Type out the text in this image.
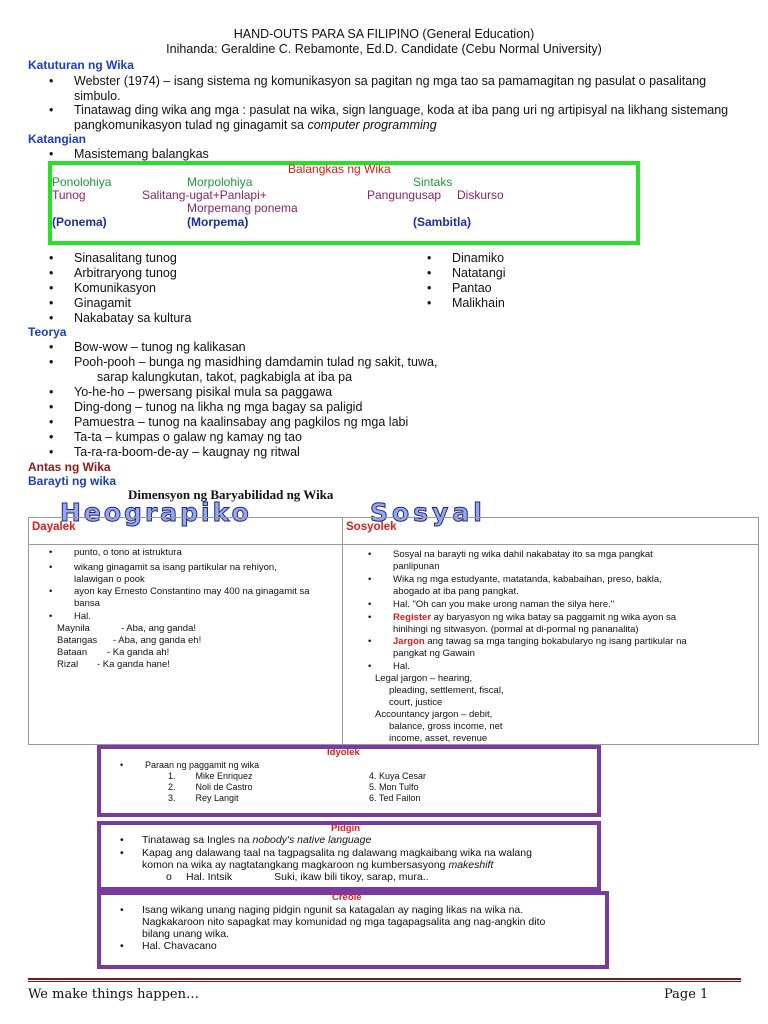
HAND-OUTS PARA SA FILIPINO (General Education)
Inihanda: Geraldine C. Rebamonte, Ed.D. Candidate (Cebu Normal University)
Katuturan ng Wika
• Webster (1974) – isang sistema ng komunikasyon sa pagitan ng mga tao sa pamamagitan ng pasulat o pasalitang
simbulo.
• Tinatawag ding wika ang mga : pasulat na wika, sign language, koda at iba pang uri ng artipisyal na likhang sistemang
pangkomunikasyon tulad ng ginagamit sa computer programming
Katangian
• Masistemang balangkas
Balangkas ng Wika
Ponolohiya	Morpolohiya	Sintaks
Tunog	Salitang-ugat+Panlapi+	Pangungusap Diskurso
Morpemang ponema
(Ponema)	(Morpema)	(Sambitla)
• Sinasalitang tunog
• Arbitraryong tunog
• Komunikasyon
• Ginagamit
• Nakabatay sa kultura
• Dinamiko
• Natatangi
• Pantao
• Malikhain
Teorya
• Bow-wow – tunog ng kalikasan
• Pooh-pooh – bunga ng masidhing damdamin tulad ng sakit, tuwa,
sarap kalungkutan, takot, pagkabigla at iba pa
• Yo-he-ho – pwersang pisikal mula sa paggawa
• Ding-dong – tunog na likha ng mga bagay sa paligid
• Pamuestra – tunog na kaalinsabay ang pagkilos ng mga labi
• Ta-ta – kumpas o galaw ng kamay ng tao
• Ta-ra-ra-boom-de-ay – kaugnay ng ritwal
Antas ng Wika
Barayti ng wika
Heograpiko	Sosyal
Dimensyon ng Baryabilidad ng Wika
Dayalek	Sosyolek
• punto, o tono at istruktura
• wikang ginagamit sa isang partikular na rehiyon,
lalawigan o pook
• ayon kay Ernesto Constantino may 400 na ginagamit sa
bansa
• Hal.
Maynila	- Aba, ang ganda!
Batangas - Aba, ang ganda eh!
Bataan - Ka ganda ah!
Rizal - Ka ganda hane!
• Sosyal na barayti ng wika dahil nakabatay ito sa mga pangkat
panlipunan
• Wika ng mga estudyante, matatanda, kababaihan, preso, bakla,
abogado at iba pang pangkat.
• Hal. "Oh can you make urong naman the silya here."
• Register ay baryasyon ng wika batay sa paggamit ng wika ayon sa
hinihingi ng sitwasyon. (pormal at di-pormal ng pananalita)
• Jargon ang tawag sa mga tanging bokabularyo ng isang partikular na
pangkat ng Gawain
• Hal.
Legal jargon – hearing,
pleading, settlement, fiscal,
court, justice
Accountancy jargon – debit,
balance, gross income, net
income, asset, revenue
Idyolek
• Paraan ng paggamit ng wika
1.        Mike Enriquez
2.        Noli de Castro
3.        Rey Langit
4. Kuya Cesar
5. Mon Tulfo
6. Ted Failon
Pidgin
• Tinatawag sa Ingles na nobody's native language
• Kapag ang dalawang taal na tagpagsalita ng dalawang magkaibang wika na walang
komon na wika ay nagtatangkang magkaroon ng kumbersasyong makeshift
o Hal. Intsik	Suki, ikaw bili tikoy, sarap, mura..
Creole
• Isang wikang unang naging pidgin ngunit sa katagalan ay naging likas na wika na.
Nagkakaroon nito sapagkat may komunidad ng mga tagapagsalita ang nag-angkin dito
bilang unang wika.
• Hal. Chavacano
We make things happen…	Page 1
